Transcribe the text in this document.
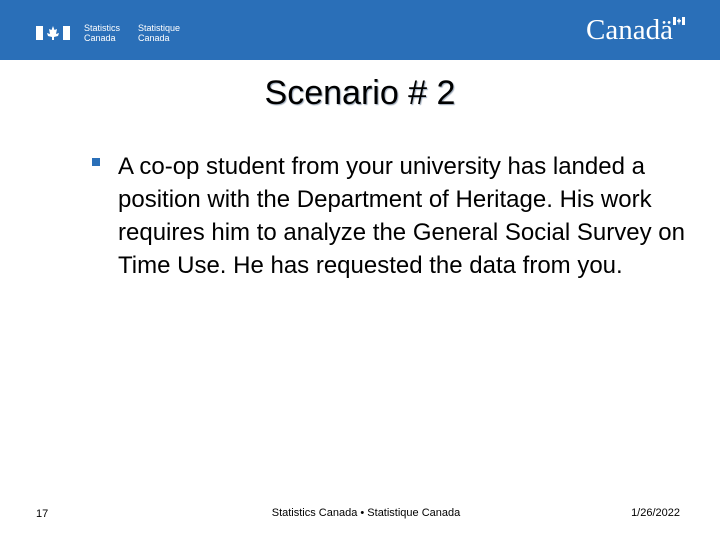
Statistics
Canada
Statistique
Canada	Canadä
Scenario # 2
A co-op student from your university has landed a position with the Department of Heritage. His work requires him to analyze the General Social Survey on Time Use. He has requested the data from you.
17	Statistics Canada • Statistique Canada	1/26/2022
